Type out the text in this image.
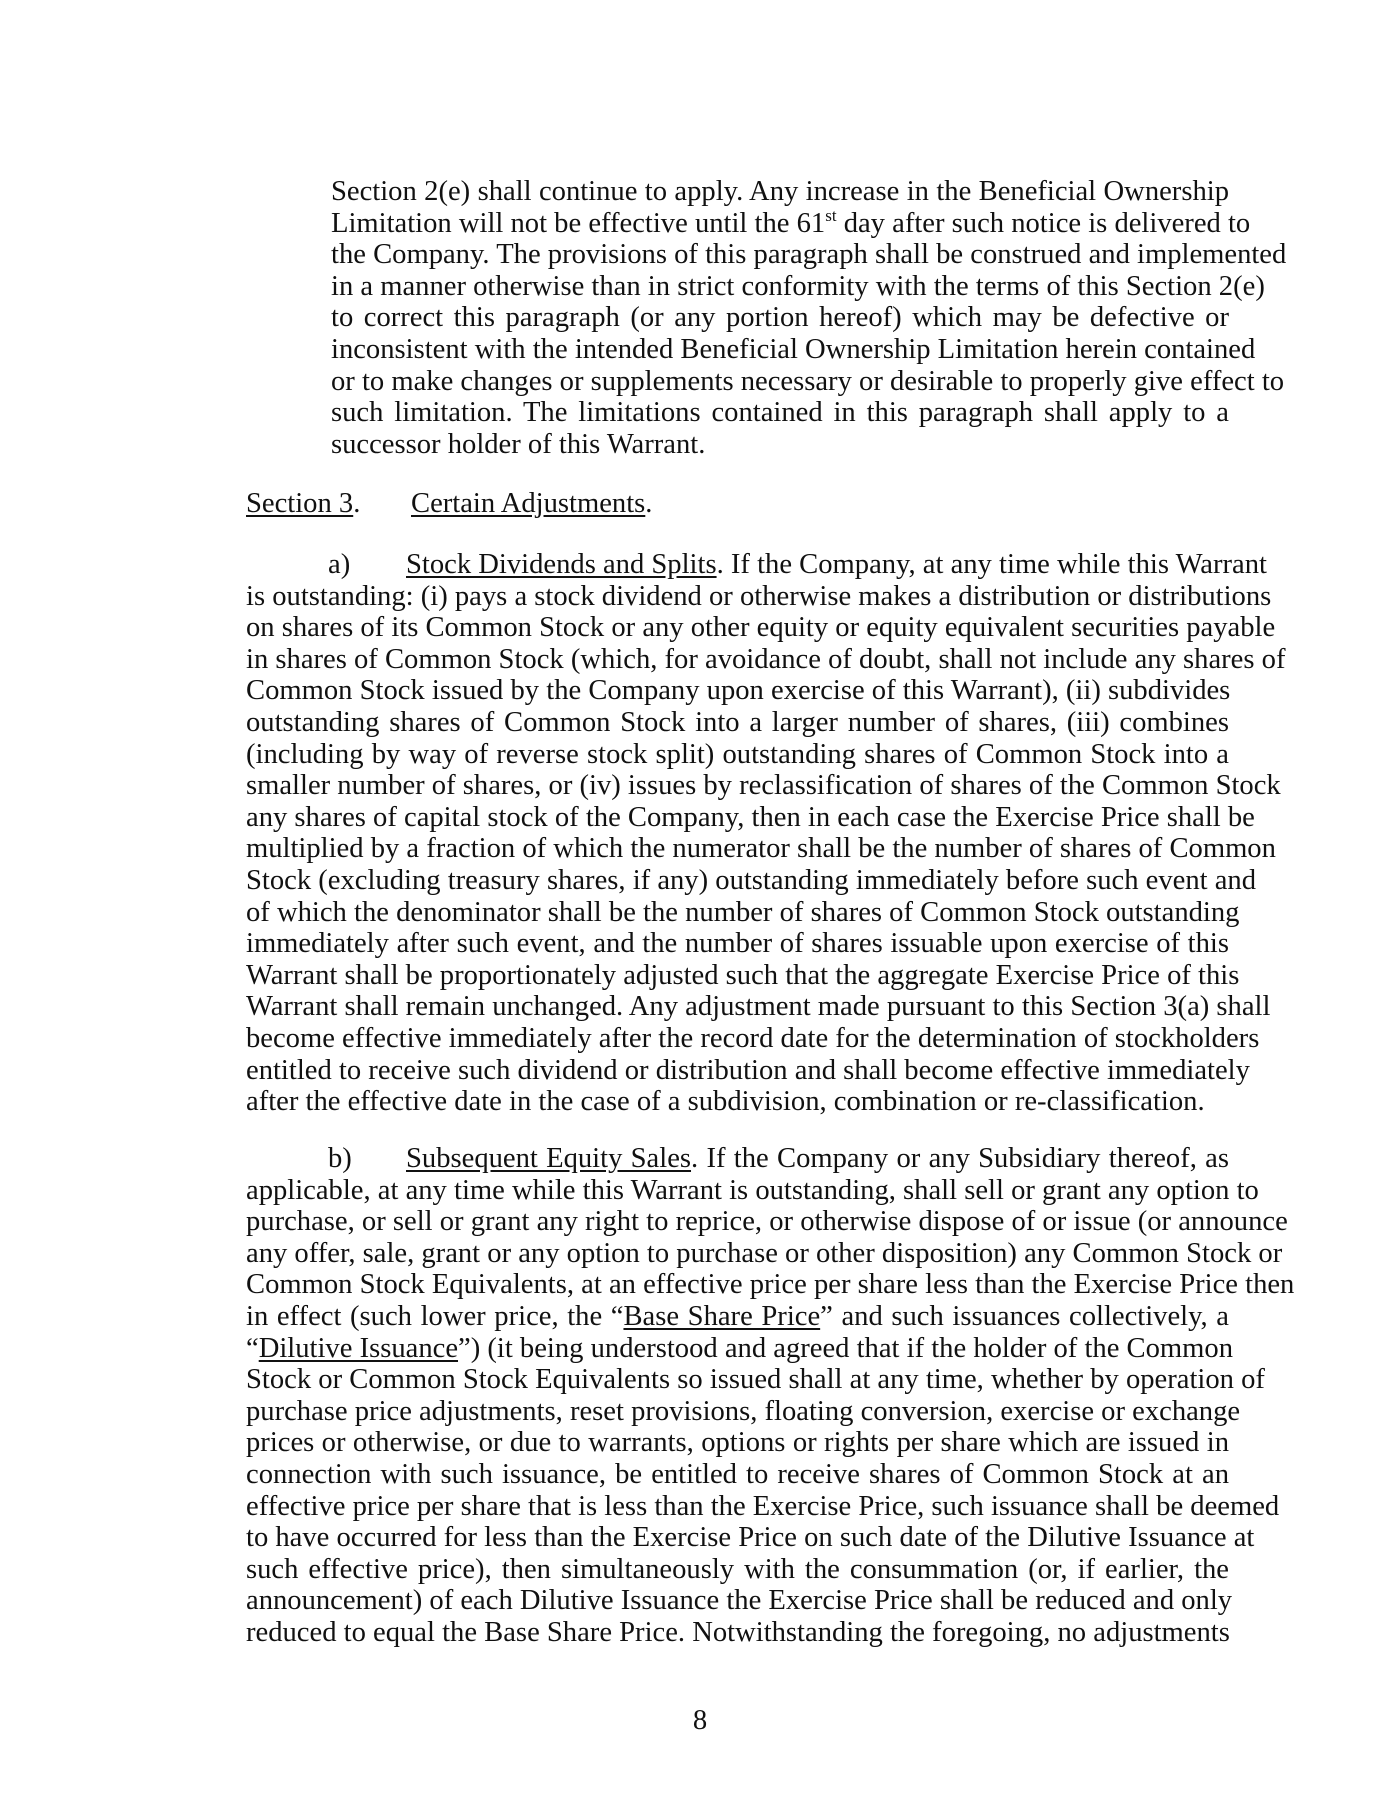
Section 2(e) shall continue to apply. Any increase in the Beneficial Ownership
Limitation will not be effective until the 61st day after such notice is delivered to
the Company. The provisions of this paragraph shall be construed and implemented
in a manner otherwise than in strict conformity with the terms of this Section 2(e)
to correct this paragraph (or any portion hereof) which may be defective or
inconsistent with the intended Beneficial Ownership Limitation herein contained
or to make changes or supplements necessary or desirable to properly give effect to
such limitation. The limitations contained in this paragraph shall apply to a
successor holder of this Warrant.
Section 3. Certain Adjustments.
a) Stock Dividends and Splits. If the Company, at any time while this Warrant
is outstanding: (i) pays a stock dividend or otherwise makes a distribution or distributions
on shares of its Common Stock or any other equity or equity equivalent securities payable
in shares of Common Stock (which, for avoidance of doubt, shall not include any shares of
Common Stock issued by the Company upon exercise of this Warrant), (ii) subdivides
outstanding shares of Common Stock into a larger number of shares, (iii) combines
(including by way of reverse stock split) outstanding shares of Common Stock into a
smaller number of shares, or (iv) issues by reclassification of shares of the Common Stock
any shares of capital stock of the Company, then in each case the Exercise Price shall be
multiplied by a fraction of which the numerator shall be the number of shares of Common
Stock (excluding treasury shares, if any) outstanding immediately before such event and
of which the denominator shall be the number of shares of Common Stock outstanding
immediately after such event, and the number of shares issuable upon exercise of this
Warrant shall be proportionately adjusted such that the aggregate Exercise Price of this
Warrant shall remain unchanged. Any adjustment made pursuant to this Section 3(a) shall
become effective immediately after the record date for the determination of stockholders
entitled to receive such dividend or distribution and shall become effective immediately
after the effective date in the case of a subdivision, combination or re-classification.
b) Subsequent Equity Sales. If the Company or any Subsidiary thereof, as
applicable, at any time while this Warrant is outstanding, shall sell or grant any option to
purchase, or sell or grant any right to reprice, or otherwise dispose of or issue (or announce
any offer, sale, grant or any option to purchase or other disposition) any Common Stock or
Common Stock Equivalents, at an effective price per share less than the Exercise Price then
in effect (such lower price, the “Base Share Price” and such issuances collectively, a
“Dilutive Issuance”) (it being understood and agreed that if the holder of the Common
Stock or Common Stock Equivalents so issued shall at any time, whether by operation of
purchase price adjustments, reset provisions, floating conversion, exercise or exchange
prices or otherwise, or due to warrants, options or rights per share which are issued in
connection with such issuance, be entitled to receive shares of Common Stock at an
effective price per share that is less than the Exercise Price, such issuance shall be deemed
to have occurred for less than the Exercise Price on such date of the Dilutive Issuance at
such effective price), then simultaneously with the consummation (or, if earlier, the
announcement) of each Dilutive Issuance the Exercise Price shall be reduced and only
reduced to equal the Base Share Price. Notwithstanding the foregoing, no adjustments
8
